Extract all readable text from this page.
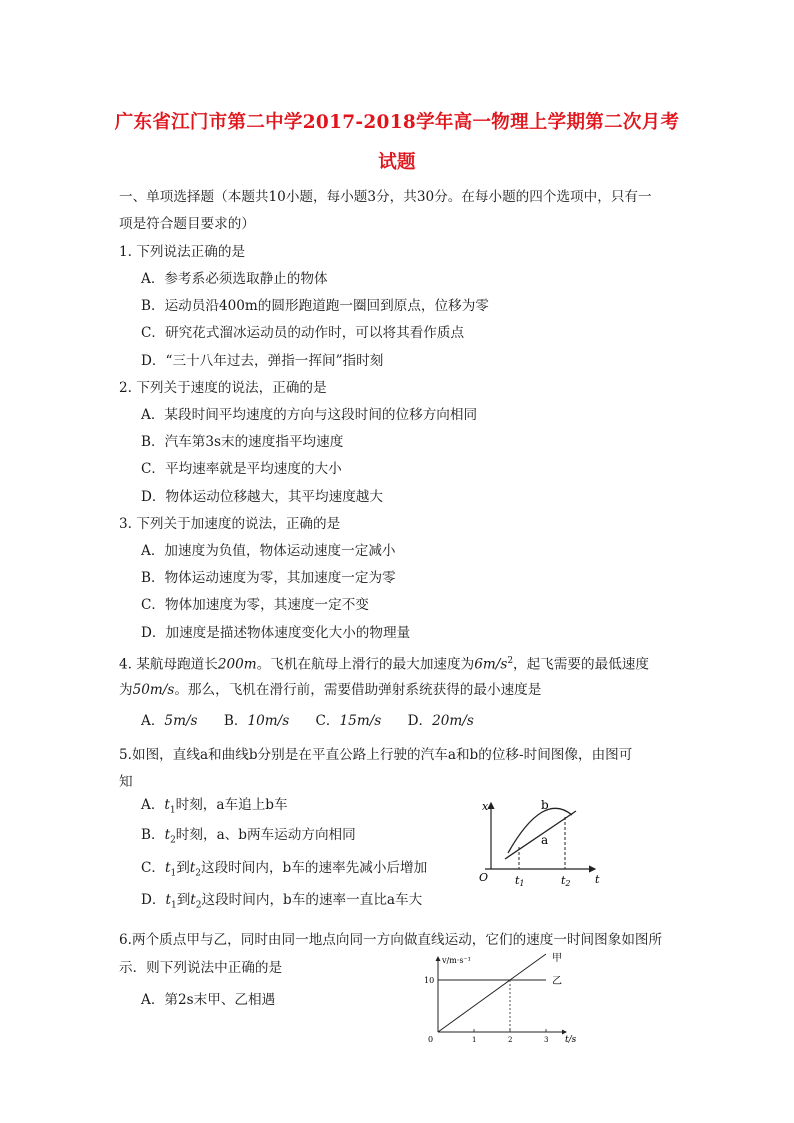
广东省江门市第二中学2017-2018学年高一物理上学期第二次月考
试题
一、单项选择题（本题共10小题，每小题3分，共30分。在每小题的四个选项中，只有一
项是符合题目要求的）
1. 下列说法正确的是
A．参考系必须选取静止的物体
B．运动员沿400m的圆形跑道跑一圈回到原点，位移为零
C．研究花式溜冰运动员的动作时，可以将其看作质点
D．“三十八年过去，弹指一挥间”指时刻
2. 下列关于速度的说法，正确的是
A．某段时间平均速度的方向与这段时间的位移方向相同
B．汽车第3s末的速度指平均速度
C．平均速率就是平均速度的大小
D．物体运动位移越大，其平均速度越大
3. 下列关于加速度的说法，正确的是
A．加速度为负值，物体运动速度一定减小
B．物体运动速度为零，其加速度一定为零
C．物体加速度为零，其速度一定不变
D．加速度是描述物体速度变化大小的物理量
4. 某航母跑道长200m。飞机在航母上滑行的最大加速度为$6m/s^2$，起飞需要的最低速度
为50m/s。那么，飞机在滑行前，需要借助弹射系统获得的最小速度是
A．5m/s B．10m/s C．15m/s D．20m/s
5.如图，直线a和曲线b分别是在平直公路上行驶的汽车a和b的位移-时间图像，由图可
知
A．$t_1$时刻，a车追上b车
B．$t_2$时刻，a、b两车运动方向相同
C．$t_1$到$t_2$这段时间内，b车的速率先减小后增加
D．$t_1$到$t_2$这段时间内，b车的速率一直比a车大
x
t
O
b
a
t1	t2
6.两个质点甲与乙，同时由同一地点向同一方向做直线运动，它们的速度一时间图象如图所
示．则下列说法中正确的是
A．第2s末甲、乙相遇
v/m·s⁻¹
t/s
0
10
1	2	3
甲
乙
